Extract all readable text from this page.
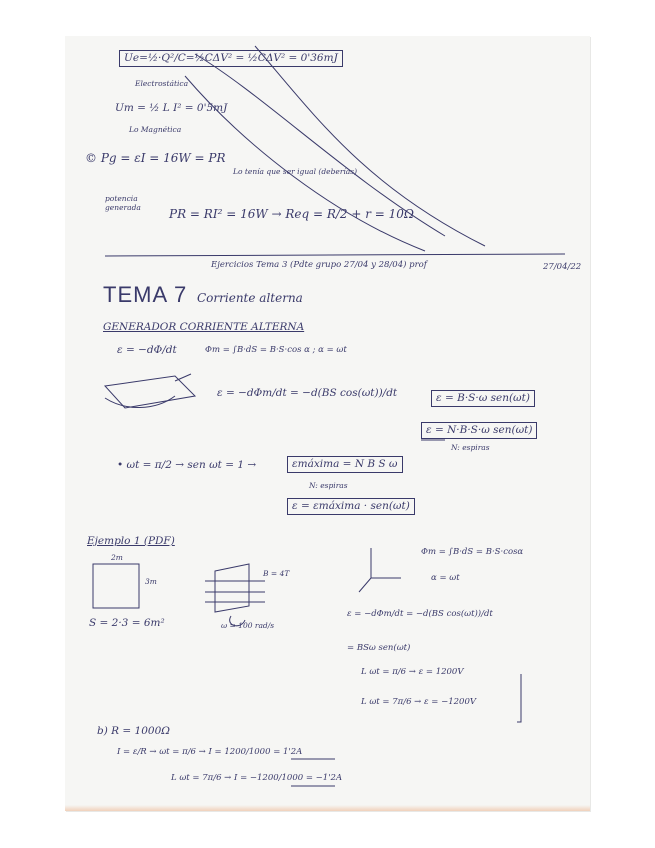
Ue=½·Q²/C=½CΔV² = ½CΔV² = 0'36mJ
Electrostática
Um = ½ L I² = 0'5mJ
Lo Magnética
© Pg = εI = 16W = PR
Lo tenía que ser igual (deberías)
potencia generada	PR = RI² = 16W → Req = R/2 + r = 10Ω
Ejercicios Tema 3 (Pdte grupo 27/04 y 28/04) prof	27/04/22
TEMA 7 Corriente alterna
GENERADOR CORRIENTE ALTERNA
ε = −dΦ/dt	Φm = ∫B·dS = B·S·cos α ; α = ωt
ε = −dΦm/dt = −d(BS cos(ωt))/dt	ε = B·S·ω sen(ωt)
ε = N·B·S·ω sen(ωt)
N: espiras
• ωt = π/2 → sen ωt = 1 →	εmáxima = N B S ω
N: espiras
ε = εmáxima · sen(ωt)
Ejemplo 1 (PDF)
2m
3m
S = 2·3 = 6m²
B = 4T
ω = 100 rad/s
Φm = ∫B·dS = B·S·cosα
α = ωt
ε = −dΦm/dt = −d(BS cos(ωt))/dt
= BSω sen(ωt)
L ωt = π/6 → ε = 1200V
L ωt = 7π/6 → ε = −1200V
b) R = 1000Ω
I = ε/R → ωt = π/6 → I = 1200/1000 = 1'2A
L ωt = 7π/6 → I = −1200/1000 = −1'2A
